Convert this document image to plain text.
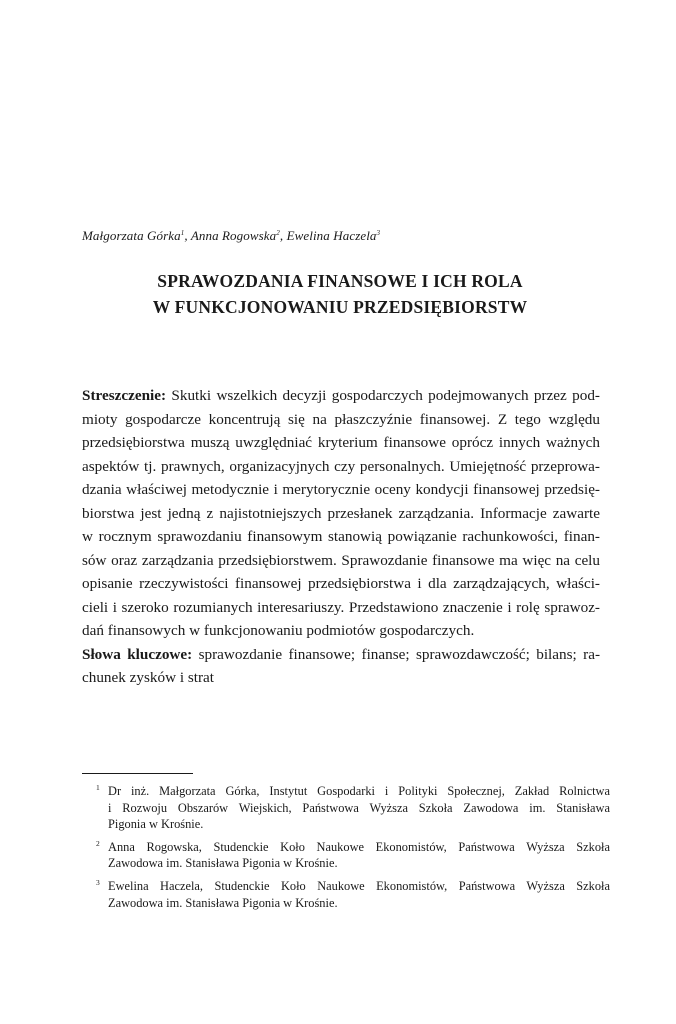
Małgorzata Górka$^1$, Anna Rogowska$^2$, Ewelina Haczela$^3$
SPRAWOZDANIA FINANSOWE I ICH ROLA
W FUNKCJONOWANIU PRZEDSIĘBIORSTW
Streszczenie: Skutki wszelkich decyzji gospodarczych podejmowanych przez pod-
mioty gospodarcze koncentrują się na płaszczyźnie finansowej. Z tego względu
przedsiębiorstwa muszą uwzględniać kryterium finansowe oprócz innych ważnych
aspektów tj. prawnych, organizacyjnych czy personalnych. Umiejętność przeprowa-
dzania właściwej metodycznie i merytorycznie oceny kondycji finansowej przedsię-
biorstwa jest jedną z najistotniejszych przesłanek zarządzania. Informacje zawarte
w rocznym sprawozdaniu finansowym stanowią powiązanie rachunkowości, finan-
sów oraz zarządzania przedsiębiorstwem. Sprawozdanie finansowe ma więc na celu
opisanie rzeczywistości finansowej przedsiębiorstwa i dla zarządzających, właści-
cieli i szeroko rozumianych interesariuszy. Przedstawiono znaczenie i rolę sprawoz-
dań finansowych w funkcjonowaniu podmiotów gospodarczych.
Słowa kluczowe: sprawozdanie finansowe; finanse; sprawozdawczość; bilans; ra-
chunek zysków i strat
1 Dr inż. Małgorzata Górka, Instytut Gospodarki i Polityki Społecznej, Zakład Rolnictwa
i Rozwoju Obszarów Wiejskich, Państwowa Wyższa Szkoła Zawodowa im. Stanisława
Pigonia w Krośnie.
2 Anna Rogowska, Studenckie Koło Naukowe Ekonomistów, Państwowa Wyższa Szkoła
Zawodowa im. Stanisława Pigonia w Krośnie.
3 Ewelina Haczela, Studenckie Koło Naukowe Ekonomistów, Państwowa Wyższa Szkoła
Zawodowa im. Stanisława Pigonia w Krośnie.
